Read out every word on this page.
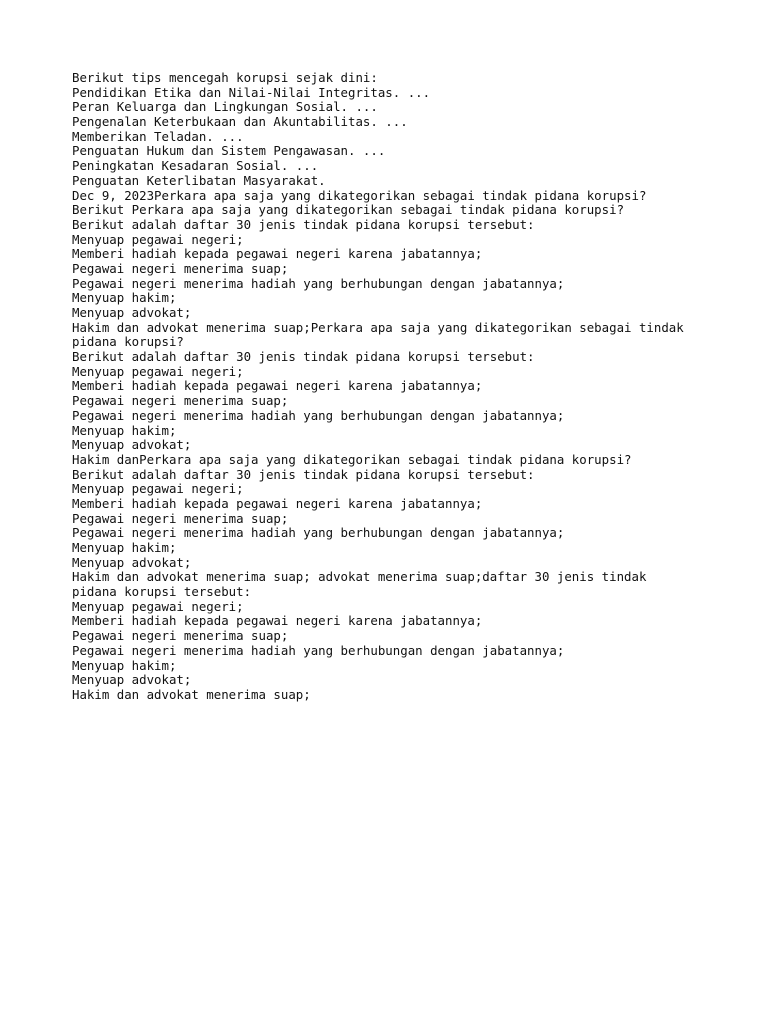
Berikut tips mencegah korupsi sejak dini:
Pendidikan Etika dan Nilai-Nilai Integritas. ...
Peran Keluarga dan Lingkungan Sosial. ...
Pengenalan Keterbukaan dan Akuntabilitas. ...
Memberikan Teladan. ...
Penguatan Hukum dan Sistem Pengawasan. ...
Peningkatan Kesadaran Sosial. ...
Penguatan Keterlibatan Masyarakat.
Dec 9, 2023Perkara apa saja yang dikategorikan sebagai tindak pidana korupsi?
Berikut Perkara apa saja yang dikategorikan sebagai tindak pidana korupsi?
Berikut adalah daftar 30 jenis tindak pidana korupsi tersebut:
Menyuap pegawai negeri;
Memberi hadiah kepada pegawai negeri karena jabatannya;
Pegawai negeri menerima suap;
Pegawai negeri menerima hadiah yang berhubungan dengan jabatannya;
Menyuap hakim;
Menyuap advokat;
Hakim dan advokat menerima suap;Perkara apa saja yang dikategorikan sebagai tindak
pidana korupsi?
Berikut adalah daftar 30 jenis tindak pidana korupsi tersebut:
Menyuap pegawai negeri;
Memberi hadiah kepada pegawai negeri karena jabatannya;
Pegawai negeri menerima suap;
Pegawai negeri menerima hadiah yang berhubungan dengan jabatannya;
Menyuap hakim;
Menyuap advokat;
Hakim danPerkara apa saja yang dikategorikan sebagai tindak pidana korupsi?
Berikut adalah daftar 30 jenis tindak pidana korupsi tersebut:
Menyuap pegawai negeri;
Memberi hadiah kepada pegawai negeri karena jabatannya;
Pegawai negeri menerima suap;
Pegawai negeri menerima hadiah yang berhubungan dengan jabatannya;
Menyuap hakim;
Menyuap advokat;
Hakim dan advokat menerima suap; advokat menerima suap;daftar 30 jenis tindak
pidana korupsi tersebut:
Menyuap pegawai negeri;
Memberi hadiah kepada pegawai negeri karena jabatannya;
Pegawai negeri menerima suap;
Pegawai negeri menerima hadiah yang berhubungan dengan jabatannya;
Menyuap hakim;
Menyuap advokat;
Hakim dan advokat menerima suap;
